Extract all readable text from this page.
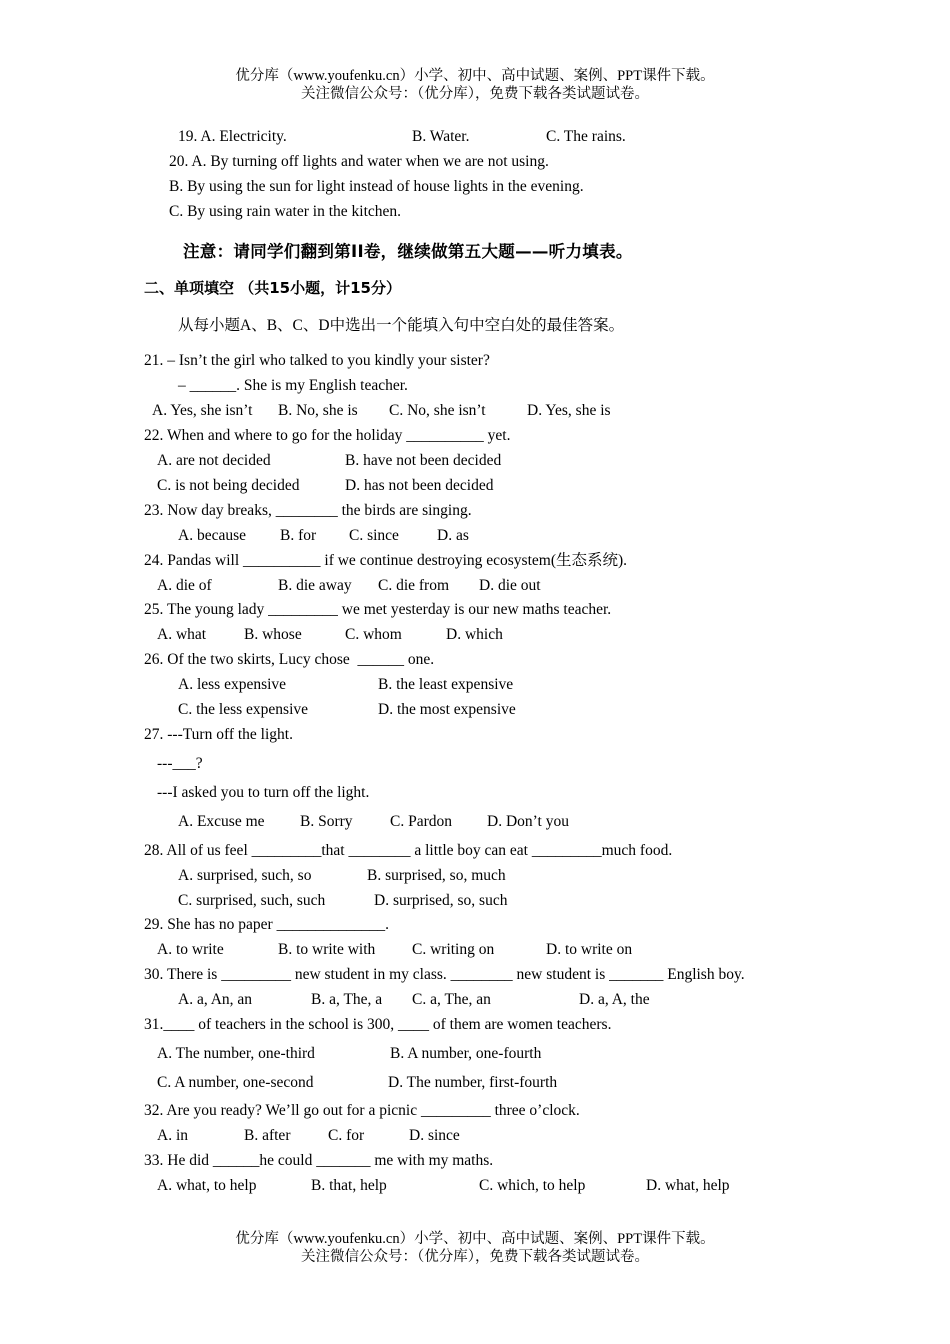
优分库（www.youfenku.cn）小学、初中、高中试题、案例、PPT课件下载。
关注微信公众号：（优分库），免费下载各类试题试卷。
19. A. Electricity.	B. Water.	C. The rains.
20. A. By turning off lights and water when we are not using.
B. By using the sun for light instead of house lights in the evening.
C. By using rain water in the kitchen.
注意：请同学们翻到第II卷，继续做第五大题——听力填表。
二、单项填空 （共15小题，计15分）
从每小题A、B、C、D中选出一个能填入句中空白处的最佳答案。
21. – Isn’t the girl who talked to you kindly your sister?
– ______. She is my English teacher.
A. Yes, she isn’t B. No, she is C. No, she isn’t	D. Yes, she is
22. When and where to go for the holiday __________ yet.
A. are not decided	B. have not been decided
C. is not being decided	D. has not been decided
23. Now day breaks, ________ the birds are singing.
A. because B. for C. since D. as
24. Pandas will __________ if we continue destroying ecosystem(生态系统).
A. die of	B. die away C. die from D. die out
25. The young lady _________ we met yesterday is our new maths teacher.
A. what B. whose	C. whom	D. which
26. Of the two skirts, Lucy chose  ______ one.
A. less expensive	B. the least expensive
C. the less expensive	D. the most expensive
27. ---Turn off the light.
---___?
---I asked you to turn off the light.
A. Excuse me B. Sorry C. Pardon D. Don’t you
28. All of us feel _________that ________ a little boy can eat _________much food.
A. surprised, such, so	B. surprised, so, much
C. surprised, such, such	D. surprised, so, such
29. She has no paper ______________.
A. to write	B. to write with C. writing on	D. to write on
30. There is _________ new student in my class. ________ new student is _______ English boy.
A. a, An, an	B. a, The, a C. a, The, an	D. a, A, the
31.____ of teachers in the school is 300, ____ of them are women teachers.
A. The number, one-third	B. A number, one-fourth
C. A number, one-second	D. The number, first-fourth
32. Are you ready? We’ll go out for a picnic _________ three o’clock.
A. in	B. after C. for	D. since
33. He did ______he could _______ me with my maths.
A. what, to help	B. that, help	C. which, to help	D. what, help
优分库（www.youfenku.cn）小学、初中、高中试题、案例、PPT课件下载。
关注微信公众号：（优分库），免费下载各类试题试卷。
